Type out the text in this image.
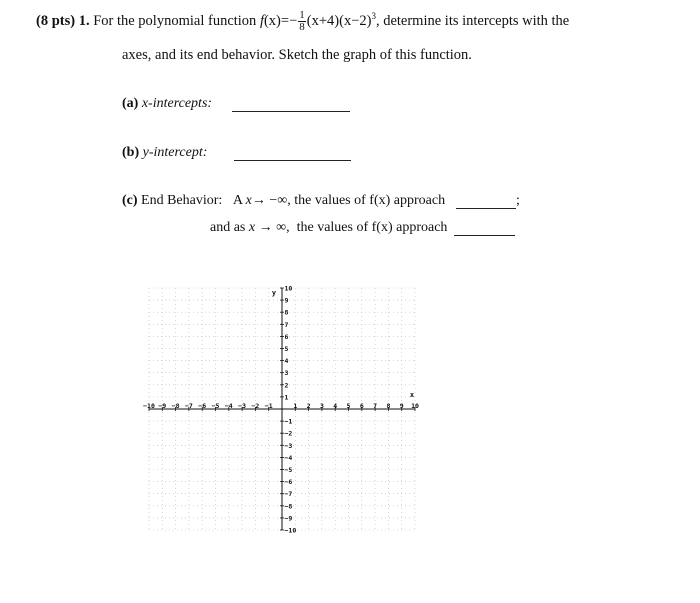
(8 pts) 1. For the polynomial function $f(x)=- \frac{1}{8} (x+4)(x-2)^3$, determine its intercepts with the
axes, and its end behavior. Sketch the graph of this function.
(a) x-intercepts:
(b) y-intercept:
(c) End Behavior: A x→ −∞, the values of f(x) approach	;
and as x → ∞, the values of f(x) approach
−10
−10
−9
−9
−8
−8
−7
−7
−6
−6
−5
−5
−4
−4
−3
−3
−2
−2
−1
−1
1
1
2
2
3
3
4
4
5
5
6
6
7
7
8
8
9
9
10
10
x
y
